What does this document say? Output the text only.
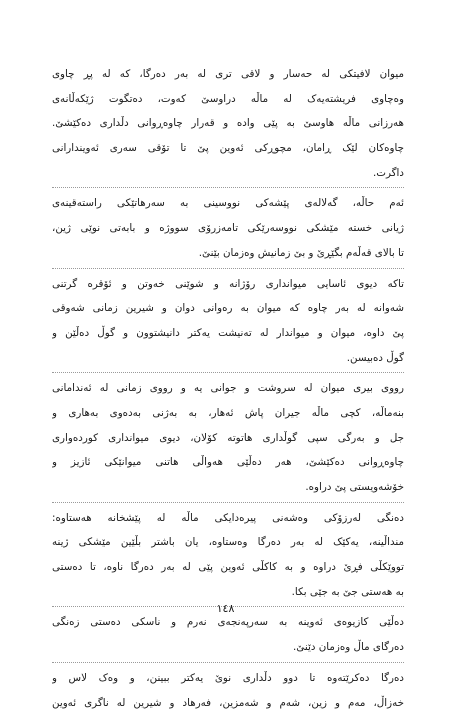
میوان لافیتکی لە حەسار و لاقی تری لە بەر دەرگا، کە لە پڕ چاوی
وەچاوی فریشتەیەک لە ماڵە دراوسێ کەوت، دەتگوت ژێکەڵانەی
هەرزانی ماڵە هاوسێ بە پێی وادە و قەرار چاوەڕوانی دڵداری دەکێشێ.
چاوەکان لێک ڕامان، مچوڕکی ئەوین پێ تا تۆقی سەری ئەویندارانی
داگرت.

ئەم حاڵە، گەلالەی پێشەکی نووسینی بە سەرهاتێکی راستەقینەی
ژیانی خستە مێشکی نووسەرێکی تامەزرۆی سووژە و بابەتی نوێی ژین،
تا بالای قەڵەم بگێڕێ و بێ زمانیش وەزمان بێنێ.

تاکە دیوی ئاسایی میوانداری رۆژانە و شوێنی خەوتن و ئۆقرە گرتنی
شەوانە لە بەر چاوە کە میوان بە رەوانی دوان و شیرین زمانی شەوقی
پێ داوە، میوان و میواندار لە تەنیشت یەکتر دانیشتوون و گوڵ دەڵێن و
گوڵ دەبیسن.

رووی بیری میوان لە سروشت و جوانی یە و رووی زمانی لە ئەندامانی
بنەماڵە، کچی ماڵە جیران پاش ئەهار، بە بەژنی بەدەوی بەهاری و
جل و بەرگی سپی گوڵداری هاتوتە کۆلان، دیوی میوانداری کوردەواری
چاوەڕوانی دەکێشێ، هەر دەڵێی هەواڵی هاتنی میوانێکی ئازیز و
خۆشەویستی پێ دراوە.

دەنگی لەرزۆکی وەشەنی پیرەدایکی ماڵە لە پێشخانە هەستاوە:
منداڵینە، یەکێک لە بەر دەرگا وەستاوە، یان باشتر بڵێین مێشکی ژینە
تووێکڵی فڕێ دراوە و بە کاکڵی ئەوین پێی لە بەر دەرگا ناوە، تا دەستی
بە هەستی جێ بە جێی بکا.

دەڵێی کازیوەی ئەوینە بە سەرپەنجەی نەرم و ناسکی دەستی زەنگی
دەرگای ماڵ وەزمان دێنێ.

دەرگا دەکرێتەوە تا دوو دڵداری نوێ یەکتر ببینن، و وەک لاس و
خەزاڵ، مەم و زین، شەم و شەمزین، فەرهاد و شیرین لە ناگری ئەوین

١٤٨
